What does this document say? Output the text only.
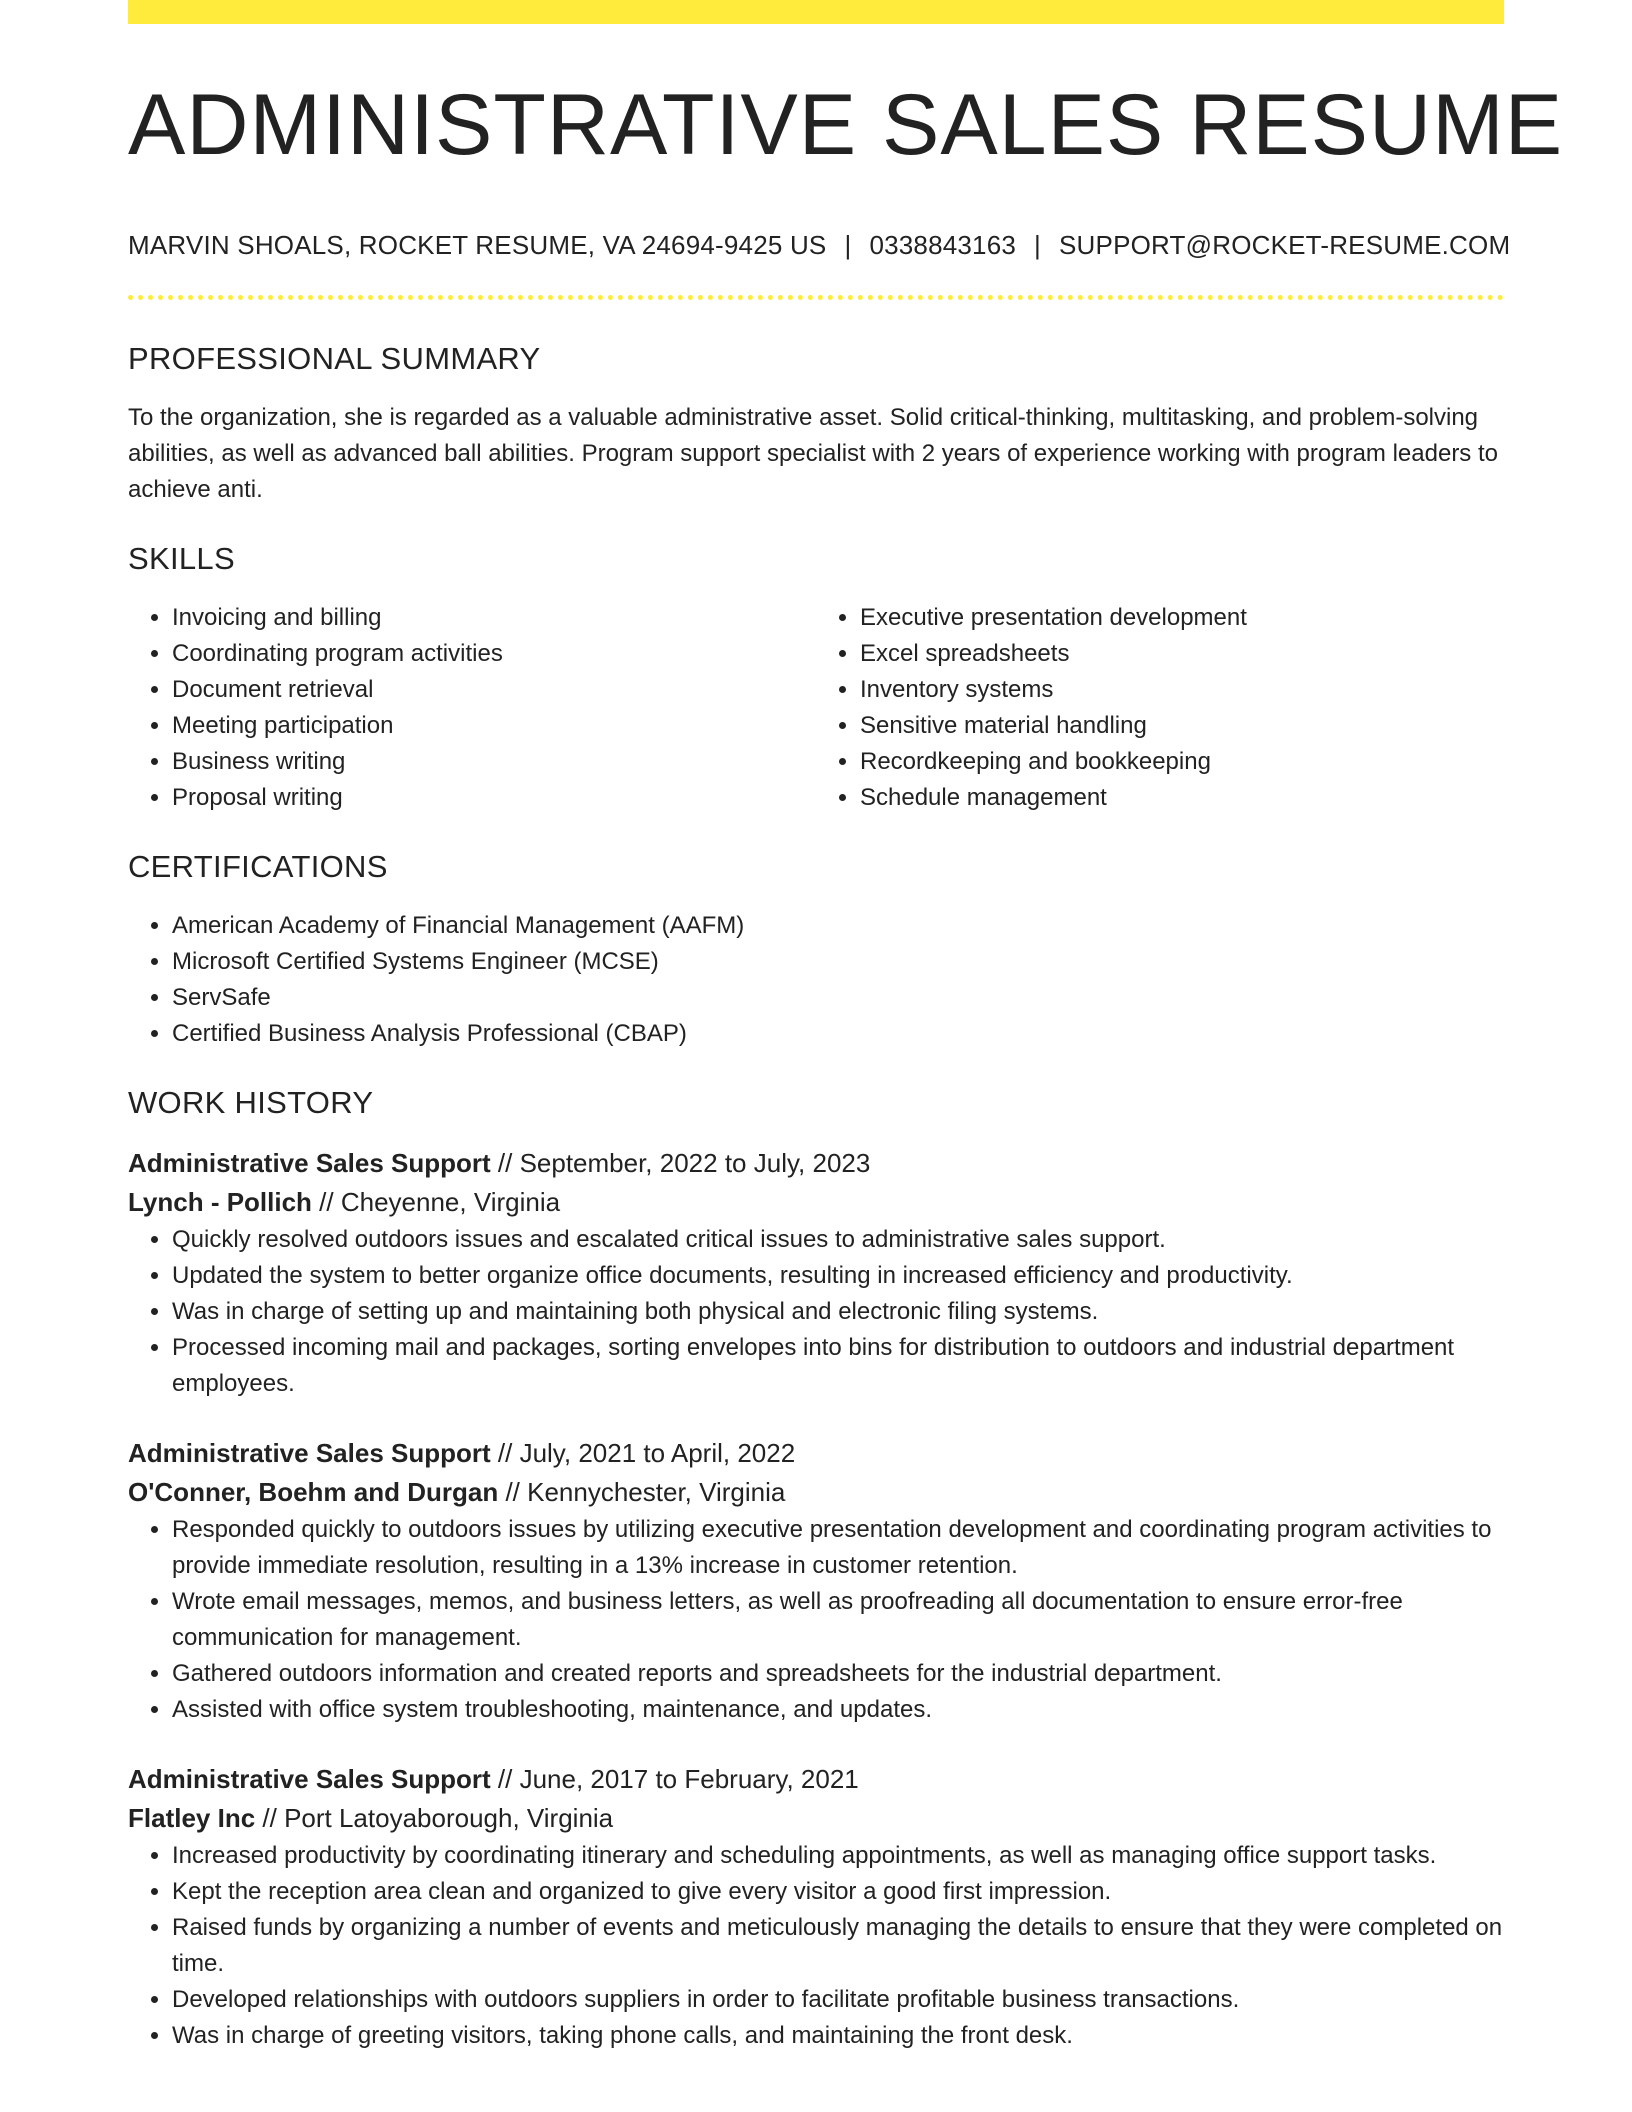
ADMINISTRATIVE SALES RESUME
MARVIN SHOALS, ROCKET RESUME, VA 24694-9425 US | 0338843163 | SUPPORT@ROCKET-RESUME.COM
PROFESSIONAL SUMMARY

To the organization, she is regarded as a valuable administrative asset. Solid critical-thinking, multitasking, and problem-solving abilities, as well as advanced ball abilities. Program support specialist with 2 years of experience working with program leaders to achieve anti.

SKILLS
• Invoicing and billing
• Coordinating program activities
• Document retrieval
• Meeting participation
• Business writing
• Proposal writing
• Executive presentation development
• Excel spreadsheets
• Inventory systems
• Sensitive material handling
• Recordkeeping and bookkeeping
• Schedule management
CERTIFICATIONS
• American Academy of Financial Management (AAFM)
• Microsoft Certified Systems Engineer (MCSE)
• ServSafe
• Certified Business Analysis Professional (CBAP)
WORK HISTORY
Administrative Sales Support // September, 2022 to July, 2023
Lynch - Pollich // Cheyenne, Virginia
• Quickly resolved outdoors issues and escalated critical issues to administrative sales support.
• Updated the system to better organize office documents, resulting in increased efficiency and productivity.
• Was in charge of setting up and maintaining both physical and electronic filing systems.
• Processed incoming mail and packages, sorting envelopes into bins for distribution to outdoors and industrial department employees.
Administrative Sales Support // July, 2021 to April, 2022
O'Conner, Boehm and Durgan // Kennychester, Virginia
• Responded quickly to outdoors issues by utilizing executive presentation development and coordinating program activities to provide immediate resolution, resulting in a 13% increase in customer retention.
• Wrote email messages, memos, and business letters, as well as proofreading all documentation to ensure error-free communication for management.
• Gathered outdoors information and created reports and spreadsheets for the industrial department.
• Assisted with office system troubleshooting, maintenance, and updates.
Administrative Sales Support // June, 2017 to February, 2021
Flatley Inc // Port Latoyaborough, Virginia
• Increased productivity by coordinating itinerary and scheduling appointments, as well as managing office support tasks.
• Kept the reception area clean and organized to give every visitor a good first impression.
• Raised funds by organizing a number of events and meticulously managing the details to ensure that they were completed on time.
• Developed relationships with outdoors suppliers in order to facilitate profitable business transactions.
• Was in charge of greeting visitors, taking phone calls, and maintaining the front desk.
